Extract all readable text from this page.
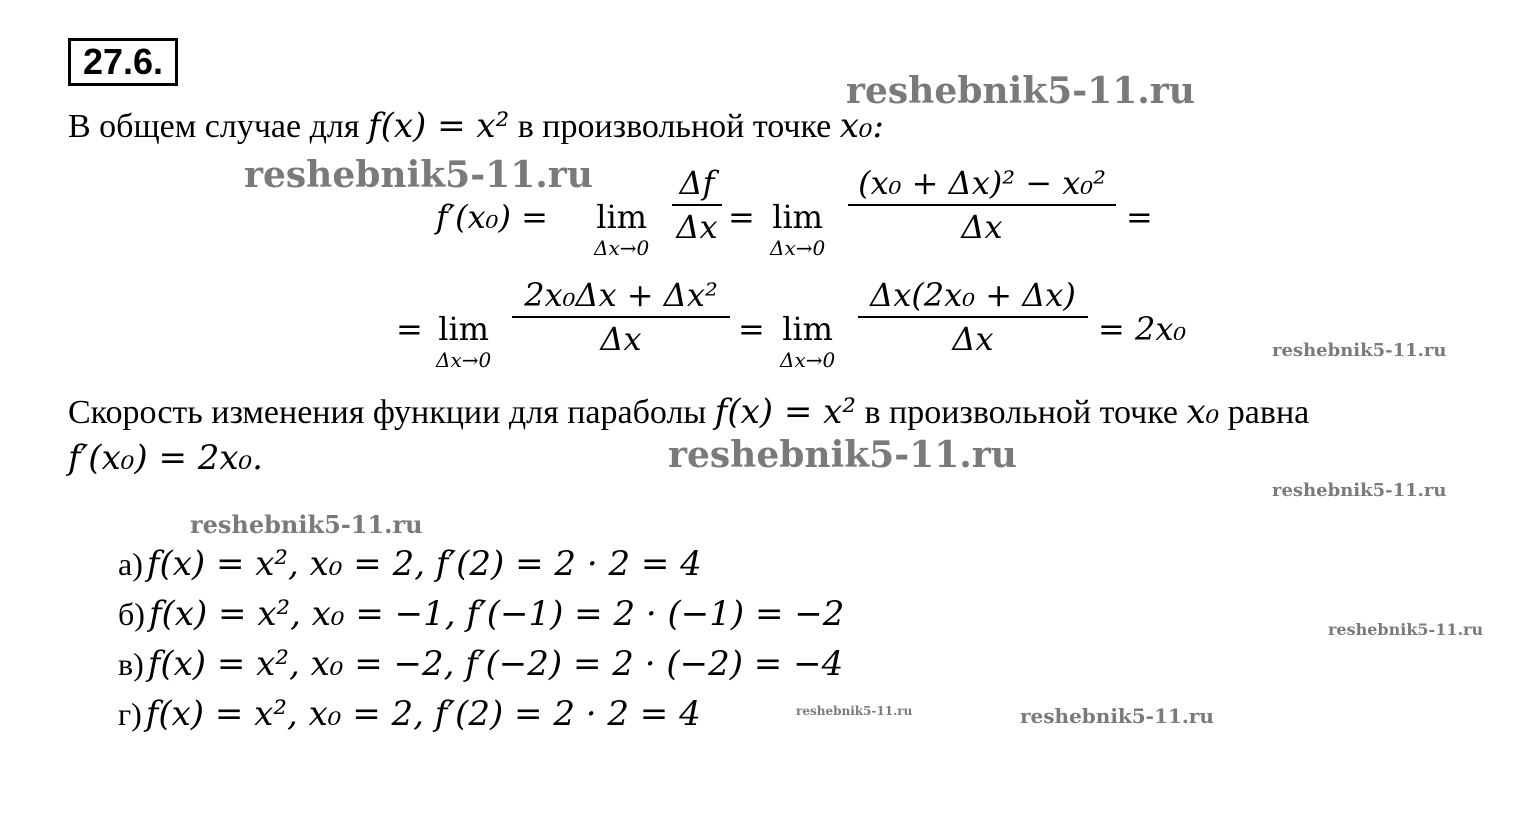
27.6.
В общем случае для f(x) = x² в произвольной точке x₀:
f′(x₀) = lim
Δx→0
Δf
Δx = lim
Δx→0
(x₀ + Δx)² − x₀²
Δx	=
= lim
Δx→0
2x₀Δx + Δx²
Δx	= lim
Δx→0
Δx(2x₀ + Δx)
Δx	= 2x₀
Скорость изменения функции для параболы f(x) = x² в произвольной точке x₀ равна
f′(x₀) = 2x₀.
а) f(x) = x², x₀ = 2, f′(2) = 2 · 2 = 4
б) f(x) = x², x₀ = −1, f′(−1) = 2 · (−1) = −2
в) f(x) = x², x₀ = −2, f′(−2) = 2 · (−2) = −4
г) f(x) = x², x₀ = 2, f′(2) = 2 · 2 = 4
reshebnik5-11.ru
reshebnik5-11.ru
reshebnik5-11.ru
reshebnik5-11.ru
reshebnik5-11.ru
reshebnik5-11.ru
reshebnik5-11.ru
reshebnik5-11.ru	reshebnik5-11.ru
